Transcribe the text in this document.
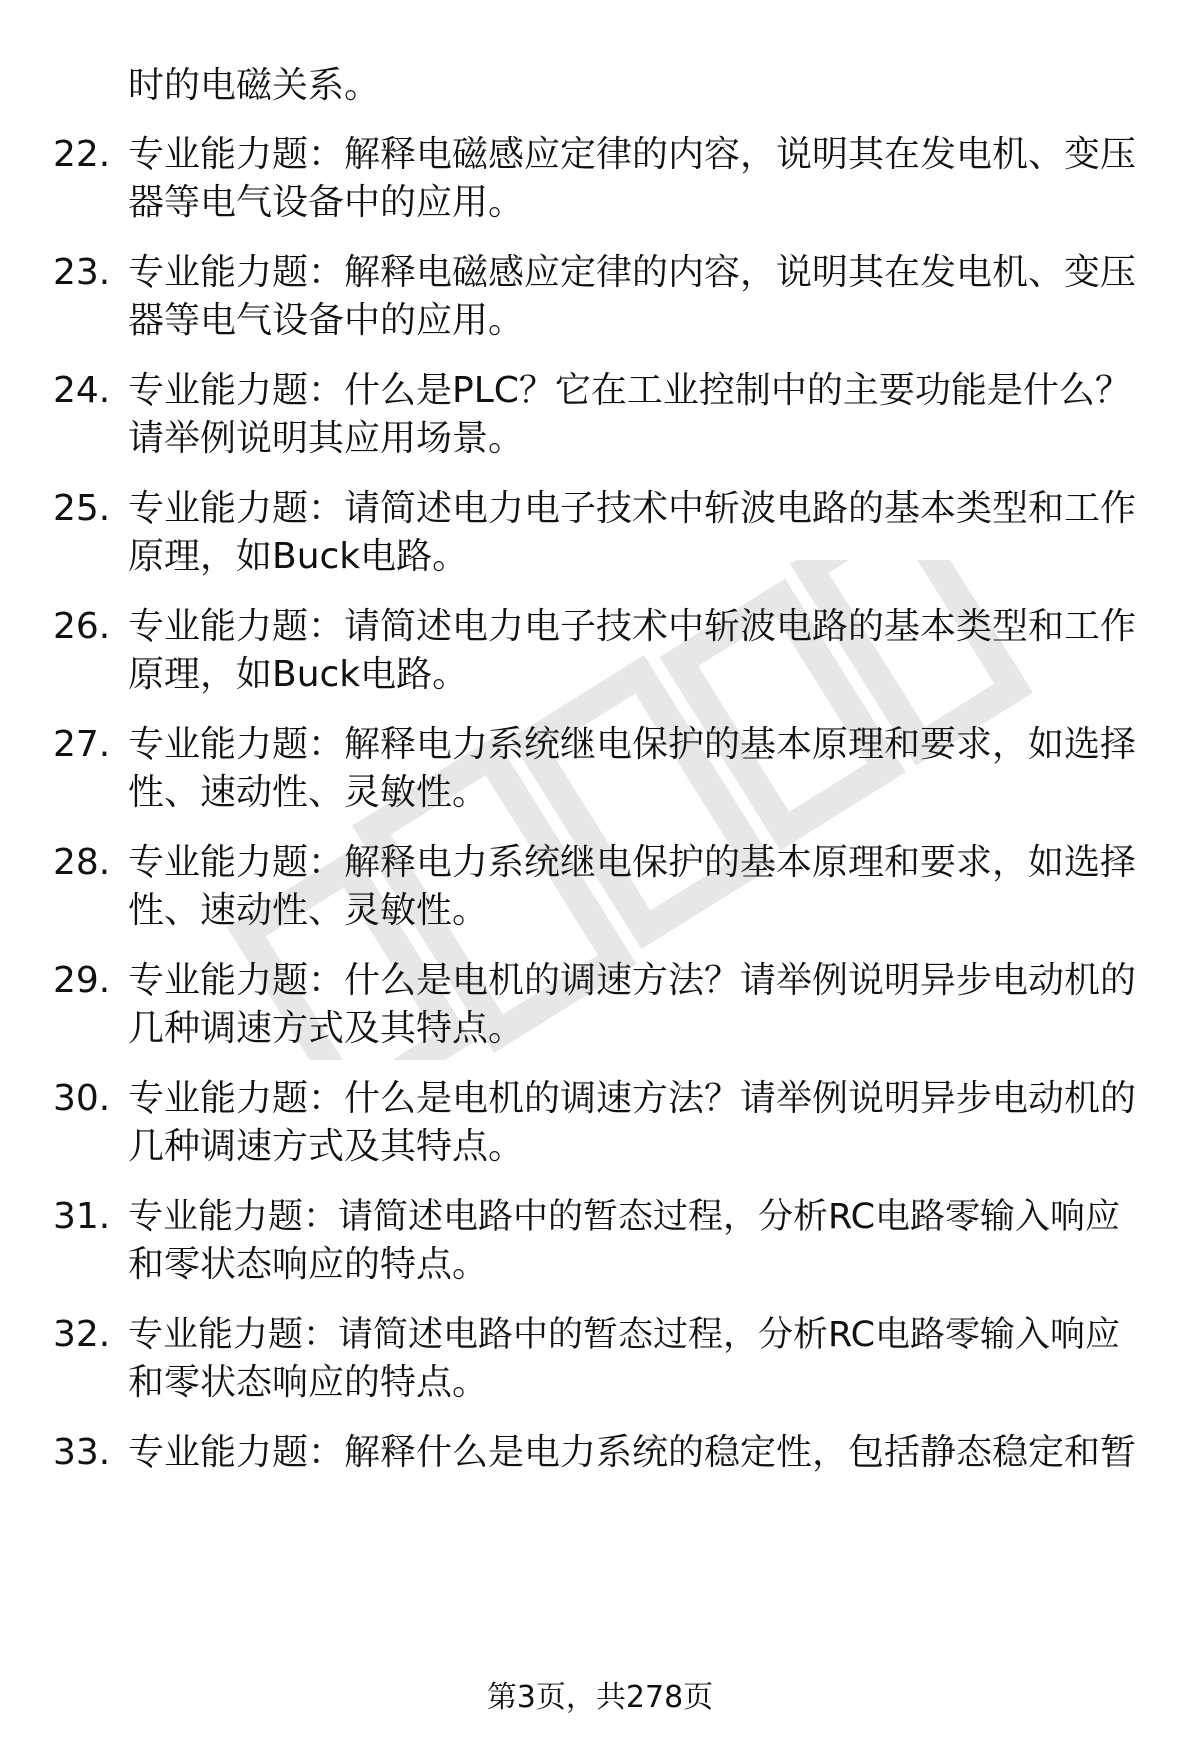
时的电磁关系。
22. 专业能力题：解释电磁感应定律的内容，说明其在发电机、变压
器等电气设备中的应用。
23. 专业能力题：解释电磁感应定律的内容，说明其在发电机、变压
器等电气设备中的应用。
24. 专业能力题：什么是PLC？它在工业控制中的主要功能是什么？
请举例说明其应用场景。
25. 专业能力题：请简述电力电子技术中斩波电路的基本类型和工作
原理，如Buck电路。
26. 专业能力题：请简述电力电子技术中斩波电路的基本类型和工作
原理，如Buck电路。
27. 专业能力题：解释电力系统继电保护的基本原理和要求，如选择
性、速动性、灵敏性。
28. 专业能力题：解释电力系统继电保护的基本原理和要求，如选择
性、速动性、灵敏性。
29. 专业能力题：什么是电机的调速方法？请举例说明异步电动机的
几种调速方式及其特点。
30. 专业能力题：什么是电机的调速方法？请举例说明异步电动机的
几种调速方式及其特点。
31. 专业能力题：请简述电路中的暂态过程，分析RC电路零输入响应
和零状态响应的特点。
32. 专业能力题：请简述电路中的暂态过程，分析RC电路零输入响应
和零状态响应的特点。
33. 专业能力题：解释什么是电力系统的稳定性，包括静态稳定和暂
第3页，共278页
